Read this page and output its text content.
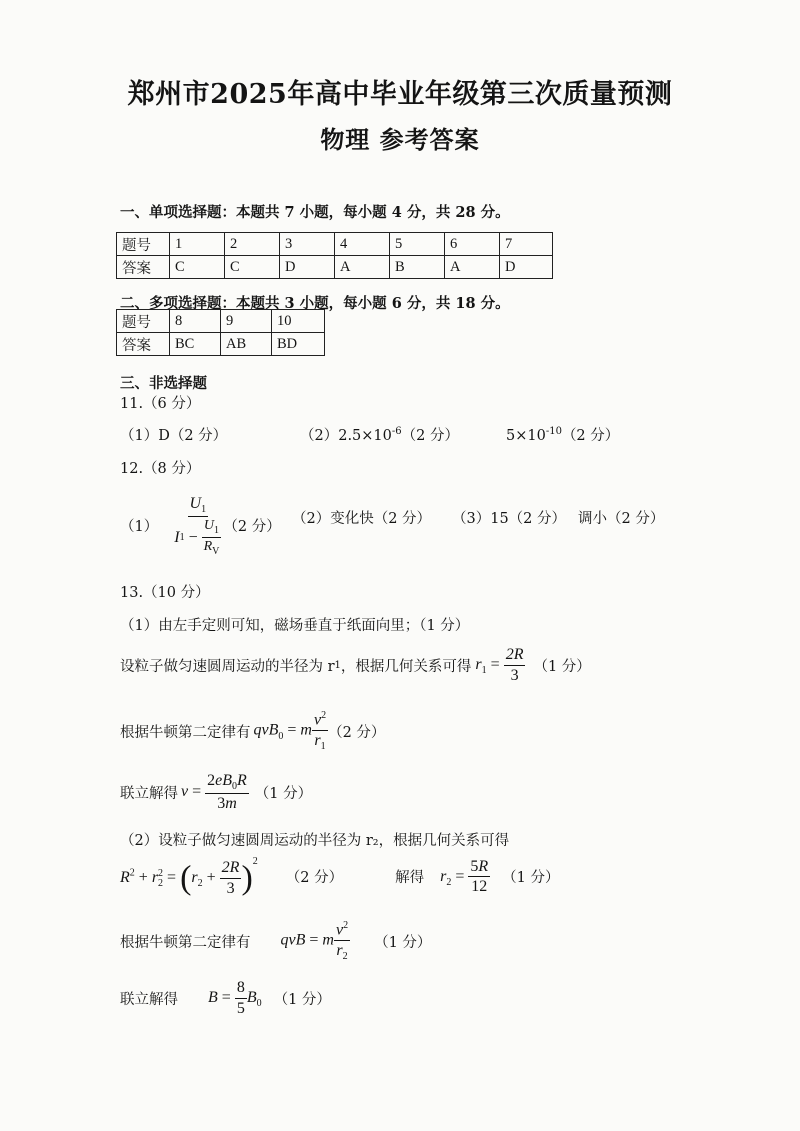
郑州市2025年高中毕业年级第三次质量预测
物理 参考答案
一、单项选择题：本题共 7 小题，每小题 4 分，共 28 分。
题号	1	2	3	4	5	6	7
答案	C	C	D	A	B	A	D
二、多项选择题：本题共 3 小题，每小题 6 分，共 18 分。
题号	8	9	10
答案	BC	AB	BD
三、非选择题
11.（6 分）
（1）D（2 分）	$(2)2.5\times 10^{-6}(2$ 分）	$5\times 10^{-10}(2$ 分）
12.（8 分）
（1） $U_1$
I 1
−
$\frac{U_1}{R_V} (2$ 分）
（2）变化快（2 分） （3）15（2 分） 调小（2 分）
13.（10 分）
（1）由左手定则可知，磁场垂直于纸面向里；（1 分）
设粒子做匀速圆周运动的半径为 r 1 ，根据几何关系可得 $r_1 = \frac{2R}{3} (1$ 分）
根据牛顿第二定律有 qvB$_0$ = m $\frac{v^2}{r_1} (2$ 分）
联立解得 $v = \frac{2eB_0R}{3m} (1$ 分）
（2）设粒子做匀速圆周运动的半径为 r₂，根据几何关系可得
$R^2 + r_2^2 = (r_2 + \frac{2R}{3} )^2$
（2 分）	解得 $r_2 = \frac{5R}{12} (1$ 分）
根据牛顿第二定律有 qvB = m $\frac{v^2}{r_2} (1$ 分）
联立解得 $B = \frac{8}{5} B_0$ （1 分）
